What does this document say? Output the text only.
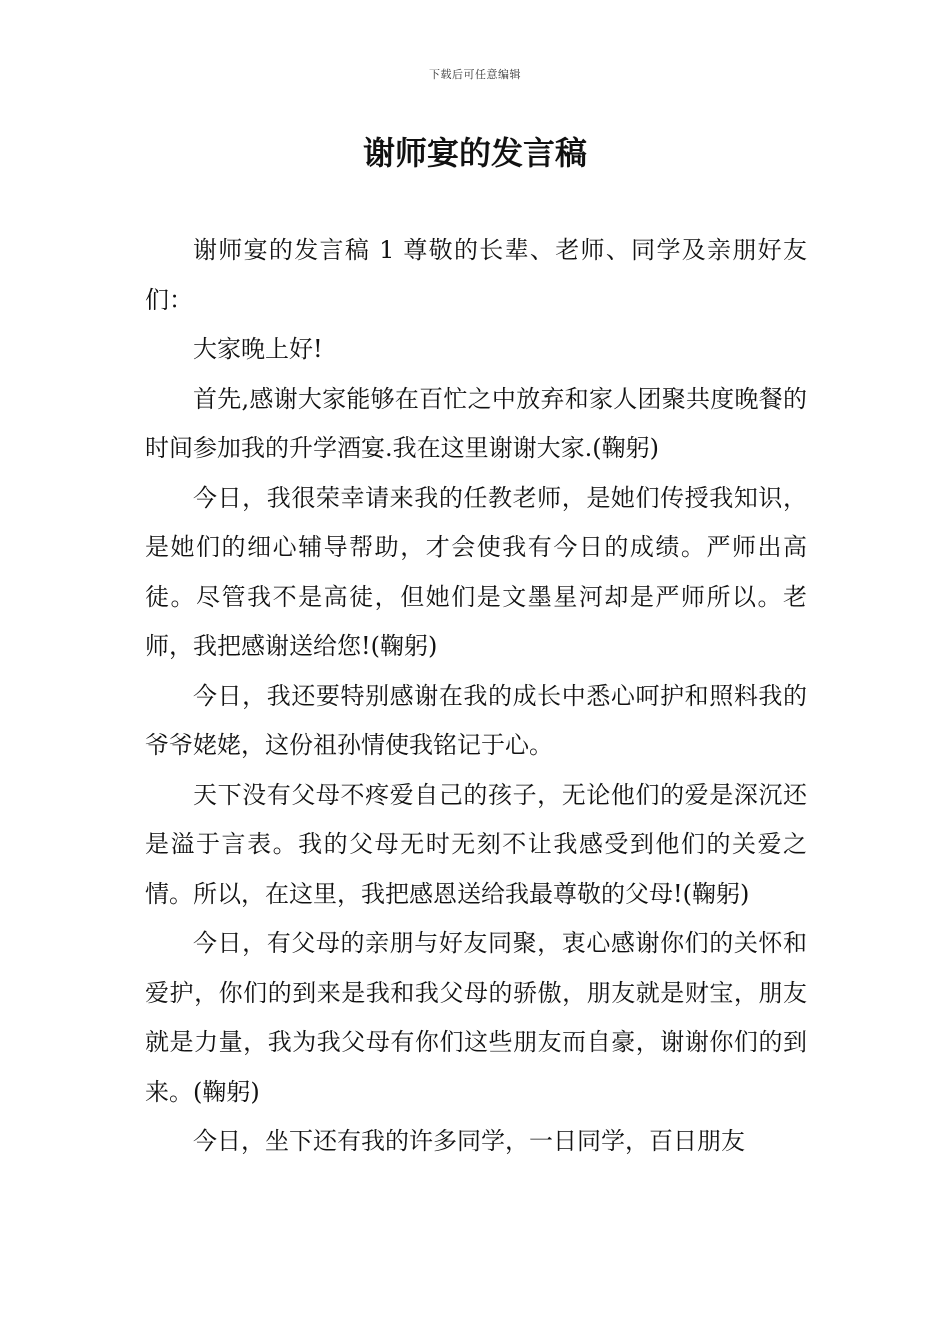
下载后可任意编辑
谢师宴的发言稿

谢师宴的发言稿 1 尊敬的长辈、老师、同学及亲朋好友们：

大家晚上好!

首先,感谢大家能够在百忙之中放弃和家人团聚共度晚餐的时间参加我的升学酒宴.我在这里谢谢大家.(鞠躬)

今日，我很荣幸请来我的任教老师，是她们传授我知识，是她们的细心辅导帮助，才会使我有今日的成绩。严师出高徒。尽管我不是高徒，但她们是文墨星河却是严师所以。老师，我把感谢送给您!(鞠躬)

今日，我还要特别感谢在我的成长中悉心呵护和照料我的爷爷姥姥，这份祖孙情使我铭记于心。

天下没有父母不疼爱自己的孩子，无论他们的爱是深沉还是溢于言表。我的父母无时无刻不让我感受到他们的关爱之情。所以，在这里，我把感恩送给我最尊敬的父母!(鞠躬)

今日，有父母的亲朋与好友同聚，衷心感谢你们的关怀和爱护，你们的到来是我和我父母的骄傲，朋友就是财宝，朋友就是力量，我为我父母有你们这些朋友而自豪，谢谢你们的到来。(鞠躬)

今日，坐下还有我的许多同学，一日同学，百日朋友
